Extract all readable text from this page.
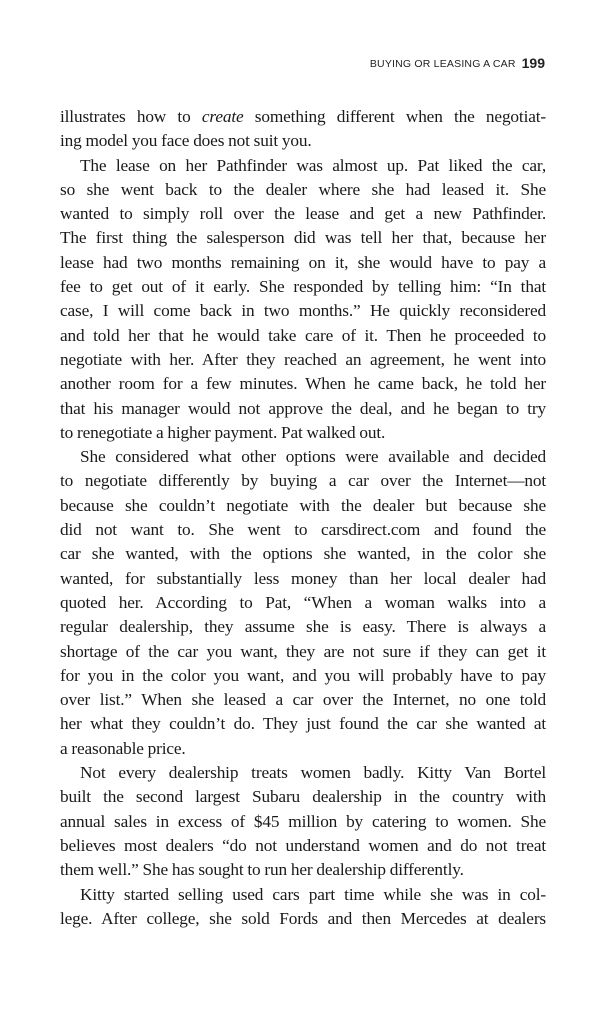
BUYING OR LEASING A CAR 199
illustrates how to create something different when the negotiat-
ing model you face does not suit you.
The lease on her Pathfinder was almost up. Pat liked the car,
so she went back to the dealer where she had leased it. She
wanted to simply roll over the lease and get a new Pathfinder.
The first thing the salesperson did was tell her that, because her
lease had two months remaining on it, she would have to pay a
fee to get out of it early. She responded by telling him: “In that
case, I will come back in two months.” He quickly reconsidered
and told her that he would take care of it. Then he proceeded to
negotiate with her. After they reached an agreement, he went into
another room for a few minutes. When he came back, he told her
that his manager would not approve the deal, and he began to try
to renegotiate a higher payment. Pat walked out.
She considered what other options were available and decided
to negotiate differently by buying a car over the Internet—not
because she couldn’t negotiate with the dealer but because she
did not want to. She went to carsdirect.com and found the
car she wanted, with the options she wanted, in the color she
wanted, for substantially less money than her local dealer had
quoted her. According to Pat, “When a woman walks into a
regular dealership, they assume she is easy. There is always a
shortage of the car you want, they are not sure if they can get it
for you in the color you want, and you will probably have to pay
over list.” When she leased a car over the Internet, no one told
her what they couldn’t do. They just found the car she wanted at
a reasonable price.
Not every dealership treats women badly. Kitty Van Bortel
built the second largest Subaru dealership in the country with
annual sales in excess of $45 million by catering to women. She
believes most dealers “do not understand women and do not treat
them well.” She has sought to run her dealership differently.
Kitty started selling used cars part time while she was in col-
lege. After college, she sold Fords and then Mercedes at dealers
